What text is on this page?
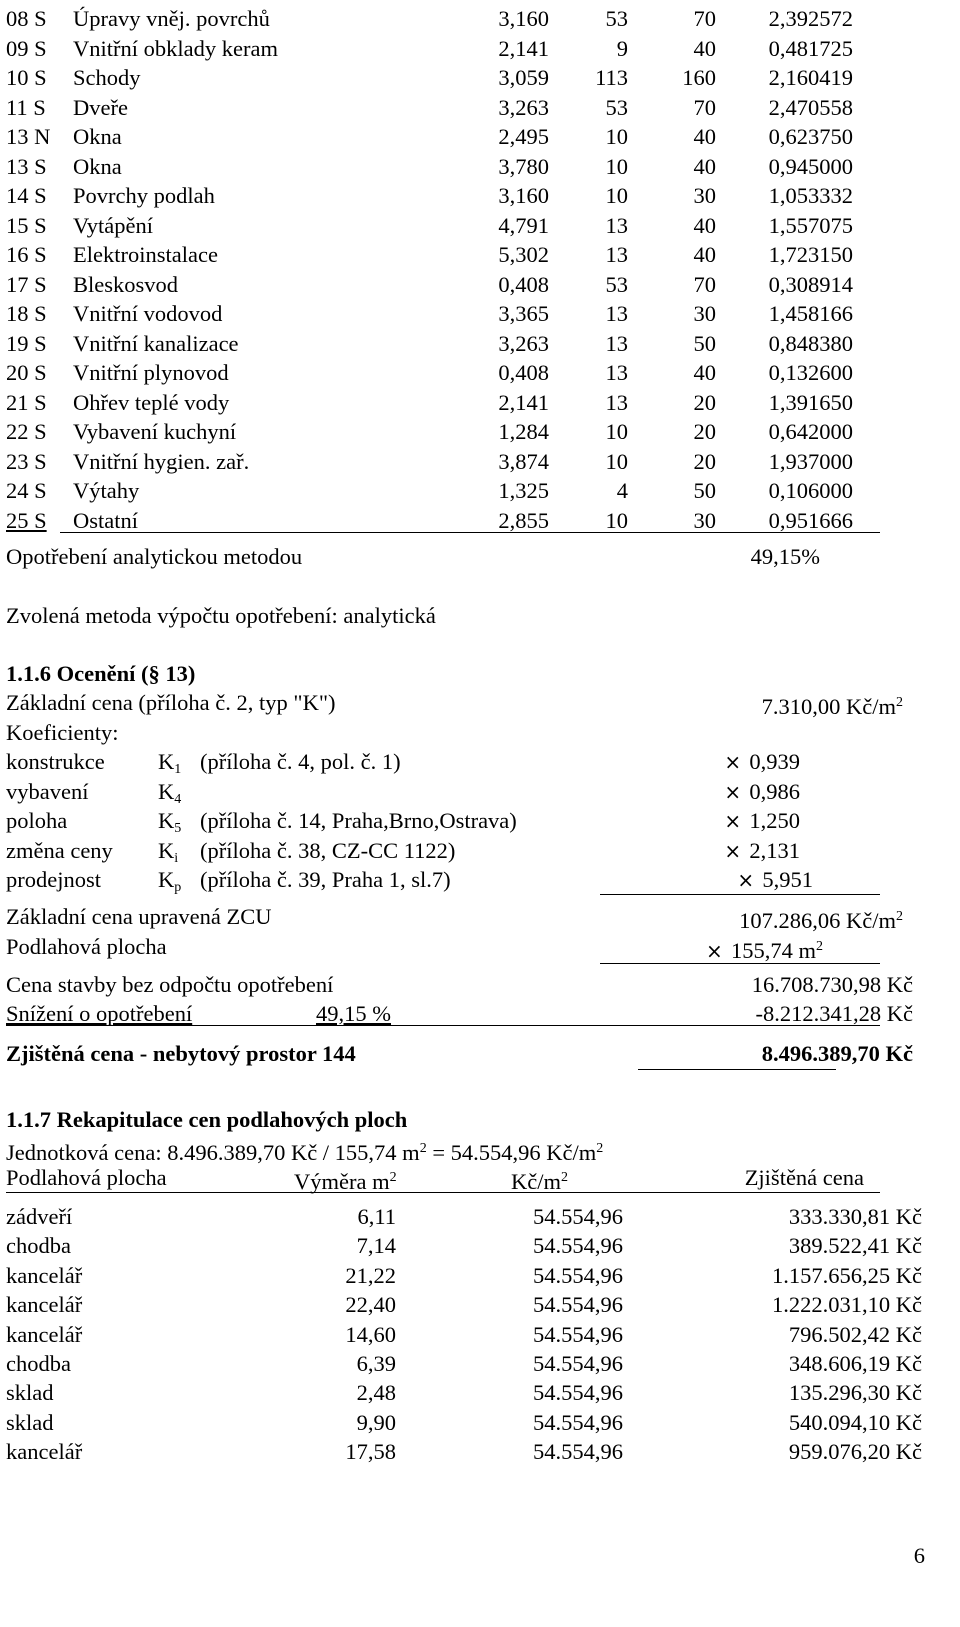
08 S Úpravy vněj. povrchů	3,160	53	70 2,392572
09 S Vnitřní obklady keram	2,141	9	40 0,481725
10 S Schody	3,059 113 160 2,160419
11 S Dveře	3,263	53	70 2,470558
13 N Okna	2,495	10	40 0,623750
13 S Okna	3,780	10	40 0,945000
14 S Povrchy podlah	3,160	10	30 1,053332
15 S Vytápění	4,791	13	40 1,557075
16 S Elektroinstalace	5,302	13	40 1,723150
17 S Bleskosvod	0,408	53	70 0,308914
18 S Vnitřní vodovod	3,365	13	30 1,458166
19 S Vnitřní kanalizace	3,263	13	50 0,848380
20 S Vnitřní plynovod	0,408	13	40 0,132600
21 S Ohřev teplé vody	2,141	13	20 1,391650
22 S Vybavení kuchyní	1,284	10	20 0,642000
23 S Vnitřní hygien. zař.	3,874	10	20 1,937000
24 S Výtahy	1,325	4	50 0,106000
25 S Ostatní	2,855	10	30 0,951666
Opotřebení analytickou metodou	49,15%
Zvolená metoda výpočtu opotřebení: analytická
1.1.6 Ocenění (§ 13)
Základní cena (příloha č. 2, typ "K")	7.310,00 $Kč/m^2$
Koeficienty:
konstrukce $K_1$ (příloha č. 4, pol. č. 1)	× 0,939
vybavení	$K_4$	× 0,986
poloha	$K_5$ (příloha č. 14, Praha,Brno,Ostrava)	× 1,250
změna ceny $K_i$ (příloha č. 38, CZ-CC 1122)	× 2,131
prodejnost	$K_p$ (příloha č. 39, Praha 1, sl.7)	× 5,951
Základní cena upravená ZCU	107.286,06 $Kč/m^2$
Podlahová plocha	× 155,74 $m^2$
Cena stavby bez odpočtu opotřebení	16.708.730,98 Kč
Snížení o opotřebení	49,15 %	-8.212.341,28 Kč
Zjištěná cena - nebytový prostor 144	8.496.389,70 Kč
1.1.7 Rekapitulace cen podlahových ploch
Jednotková cena: 8.496.389,70 Kč / 155,74 $m^2 = 54.554,96$ $Kč/m^2$
Podlahová plocha	Výměra $m^2$	$Kč/m^2$	Zjištěná cena
zádveří	6,11	54.554,96	333.330,81 Kč
chodba	7,14	54.554,96	389.522,41 Kč
kancelář	21,22	54.554,96	1.157.656,25 Kč
kancelář	22,40	54.554,96	1.222.031,10 Kč
kancelář	14,60	54.554,96	796.502,42 Kč
chodba	6,39	54.554,96	348.606,19 Kč
sklad	2,48	54.554,96	135.296,30 Kč
sklad	9,90	54.554,96	540.094,10 Kč
kancelář	17,58	54.554,96	959.076,20 Kč
6
